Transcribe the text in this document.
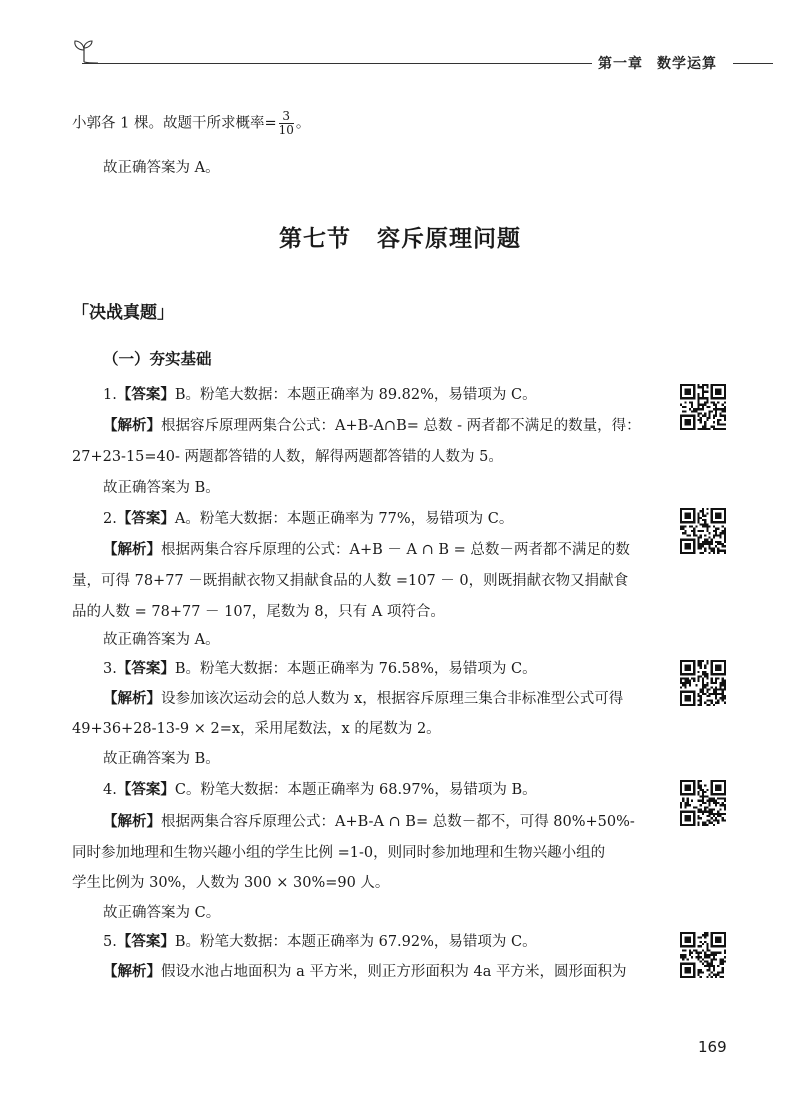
第一章 数学运算
小郭各 1 棵。故题干所求概率= $\frac{3}{10}$ 。
故正确答案为 A。
第七节 容斥原理问题
「决战真题」
（一）夯实基础
1.【答案】B。粉笔大数据：本题正确率为 89.82%，易错项为 C。
【解析】根据容斥原理两集合公式：A+B-A∩B= 总数 - 两者都不满足的数量，得：
27+23-15=40- 两题都答错的人数，解得两题都答错的人数为 5。
故正确答案为 B。
2.【答案】A。粉笔大数据：本题正确率为 77%，易错项为 C。
【解析】根据两集合容斥原理的公式：A+B － A ∩ B = 总数－两者都不满足的数
量，可得 78+77 －既捐献衣物又捐献食品的人数 =107 － 0，则既捐献衣物又捐献食
品的人数 = 78+77 － 107，尾数为 8，只有 A 项符合。
故正确答案为 A。
3.【答案】B。粉笔大数据：本题正确率为 76.58%，易错项为 C。
【解析】设参加该次运动会的总人数为 x，根据容斥原理三集合非标准型公式可得
49+36+28-13-9 × 2=x，采用尾数法，x 的尾数为 2。
故正确答案为 B。
4.【答案】C。粉笔大数据：本题正确率为 68.97%，易错项为 B。
【解析】根据两集合容斥原理公式：A+B-A ∩ B= 总数－都不，可得 80%+50%-
同时参加地理和生物兴趣小组的学生比例 =1-0，则同时参加地理和生物兴趣小组的
学生比例为 30%，人数为 300 × 30%=90 人。
故正确答案为 C。
5.【答案】B。粉笔大数据：本题正确率为 67.92%，易错项为 C。
【解析】假设水池占地面积为 a 平方米，则正方形面积为 4a 平方米，圆形面积为
169
